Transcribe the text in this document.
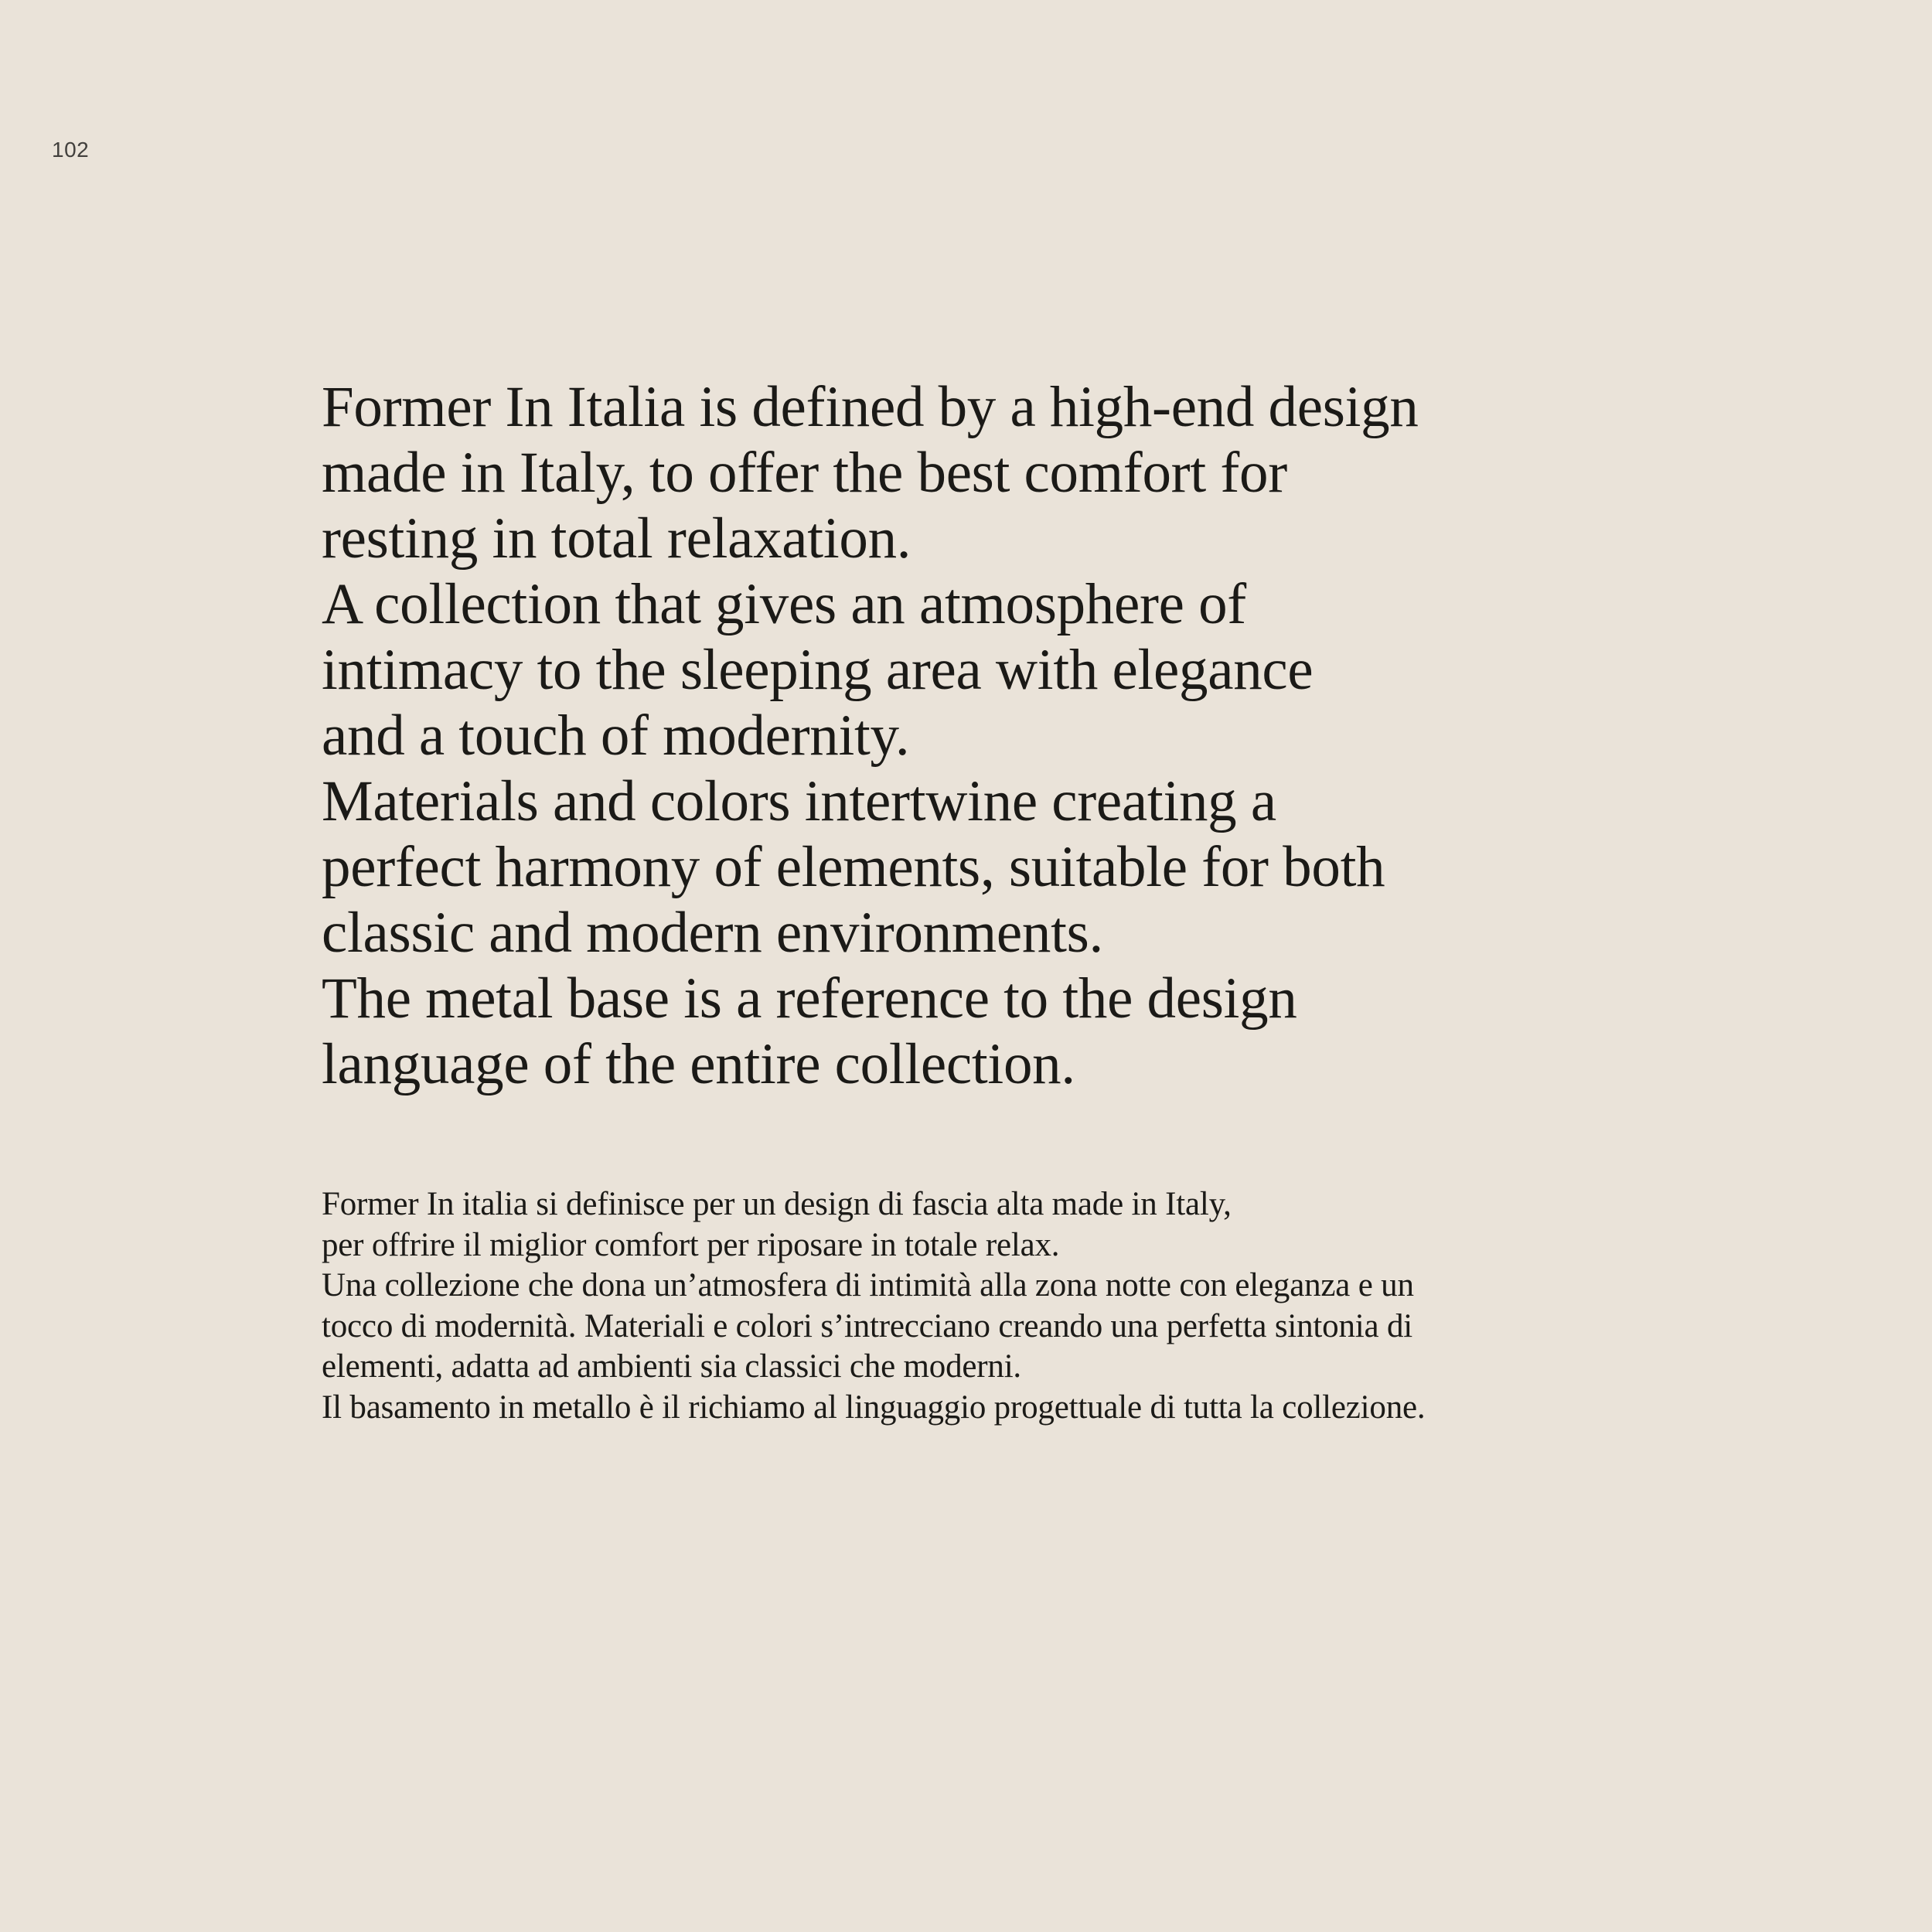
102
Former In Italia is defined by a high-end design
made in Italy, to offer the best comfort for
resting in total relaxation.
A collection that gives an atmosphere of
intimacy to the sleeping area with elegance
and a touch of modernity.
Materials and colors intertwine creating a
perfect harmony of elements, suitable for both
classic and modern environments.
The metal base is a reference to the design
language of the entire collection.
Former In italia si definisce per un design di fascia alta made in Italy,
per offrire il miglior comfort per riposare in totale relax.
Una collezione che dona un’atmosfera di intimità alla zona notte con eleganza e un
tocco di modernità. Materiali e colori s’intrecciano creando una perfetta sintonia di
elementi, adatta ad ambienti sia classici che moderni.
Il basamento in metallo è il richiamo al linguaggio progettuale di tutta la collezione.
